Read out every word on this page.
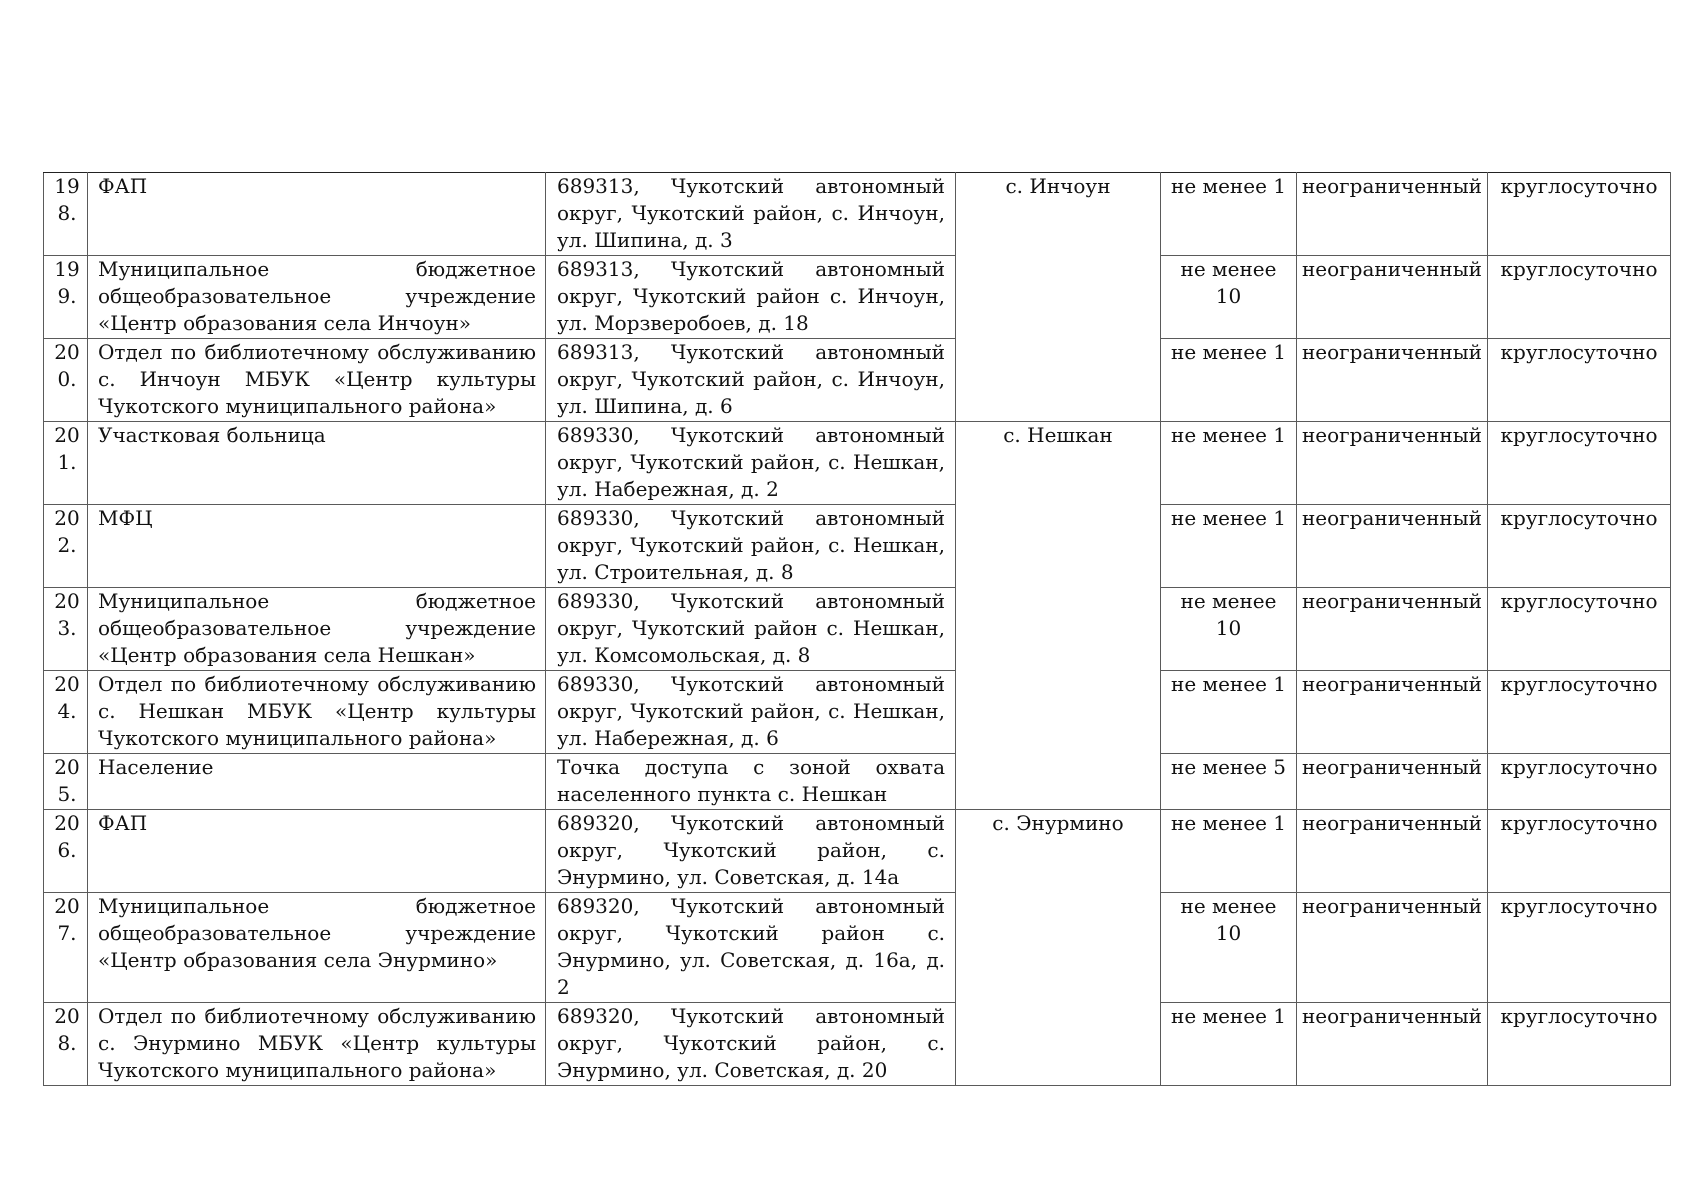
198.	ФАП	689313, Чукотский автономный округ, Чукотский район, с. Инчоун, ул. Шипина, д. 3	с. Инчоун	не менее 1	неограниченный	круглосуточно
199.	Муниципальное бюджетное общеобразовательное учреждение «Центр образования села Инчоун»	689313, Чукотский автономный округ, Чукотский район с. Инчоун, ул. Морзверобоев, д. 18		не менее 10	неограниченный	круглосуточно
200.	Отдел по библиотечному обслуживанию с. Инчоун МБУК «Центр культуры Чукотского муниципального района»	689313, Чукотский автономный округ, Чукотский район, с. Инчоун, ул. Шипина, д. 6		не менее 1	неограниченный	круглосуточно
201.	Участковая больница	689330, Чукотский автономный округ, Чукотский район, с. Нешкан, ул. Набережная, д. 2	с. Нешкан	не менее 1	неограниченный	круглосуточно
202.	МФЦ	689330, Чукотский автономный округ, Чукотский район, с. Нешкан, ул. Строительная, д. 8		не менее 1	неограниченный	круглосуточно
203.	Муниципальное бюджетное общеобразовательное учреждение «Центр образования села Нешкан»	689330, Чукотский автономный округ, Чукотский район с. Нешкан, ул. Комсомольская, д. 8		не менее 10	неограниченный	круглосуточно
204.	Отдел по библиотечному обслуживанию с. Нешкан МБУК «Центр культуры Чукотского муниципального района»	689330, Чукотский автономный округ, Чукотский район, с. Нешкан, ул. Набережная, д. 6		не менее 1	неограниченный	круглосуточно
205.	Население	Точка доступа с зоной охвата населенного пункта с. Нешкан		не менее 5	неограниченный	круглосуточно
206.	ФАП	689320, Чукотский автономный округ, Чукотский район, с. Энурмино, ул. Советская, д. 14а	с. Энурмино	не менее 1	неограниченный	круглосуточно
207.	Муниципальное бюджетное общеобразовательное учреждение «Центр образования села Энурмино»	689320, Чукотский автономный округ, Чукотский район с. Энурмино, ул. Советская, д. 16а, д. 2		не менее 10	неограниченный	круглосуточно
208.	Отдел по библиотечному обслуживанию с. Энурмино МБУК «Центр культуры Чукотского муниципального района»	689320, Чукотский автономный округ, Чукотский район, с. Энурмино, ул. Советская, д. 20		не менее 1	неограниченный	круглосуточно
